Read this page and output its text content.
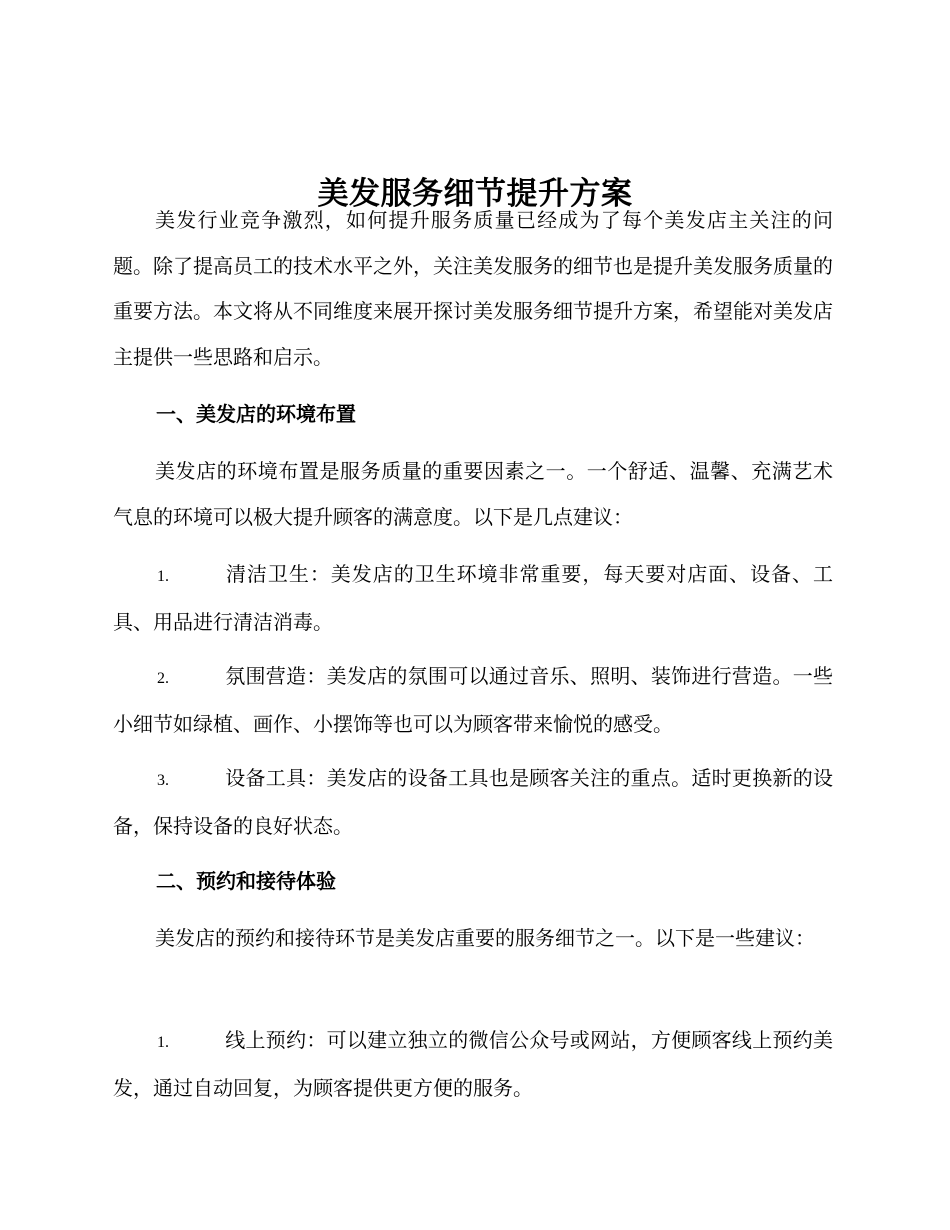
美发服务细节提升方案

美发行业竞争激烈，如何提升服务质量已经成为了每个美发店主关注的问题。除了提高员工的技术水平之外，关注美发服务的细节也是提升美发服务质量的重要方法。本文将从不同维度来展开探讨美发服务细节提升方案，希望能对美发店主提供一些思路和启示。

一、美发店的环境布置

美发店的环境布置是服务质量的重要因素之一。一个舒适、温馨、充满艺术气息的环境可以极大提升顾客的满意度。以下是几点建议：

1.	清洁卫生：美发店的卫生环境非常重要，每天要对店面、设备、工具、用品进行清洁消毒。

2.	氛围营造：美发店的氛围可以通过音乐、照明、装饰进行营造。一些小细节如绿植、画作、小摆饰等也可以为顾客带来愉悦的感受。

3.	设备工具：美发店的设备工具也是顾客关注的重点。适时更换新的设备，保持设备的良好状态。

二、预约和接待体验

美发店的预约和接待环节是美发店重要的服务细节之一。以下是一些建议：

1.	线上预约：可以建立独立的微信公众号或网站，方便顾客线上预约美发，通过自动回复，为顾客提供更方便的服务。
